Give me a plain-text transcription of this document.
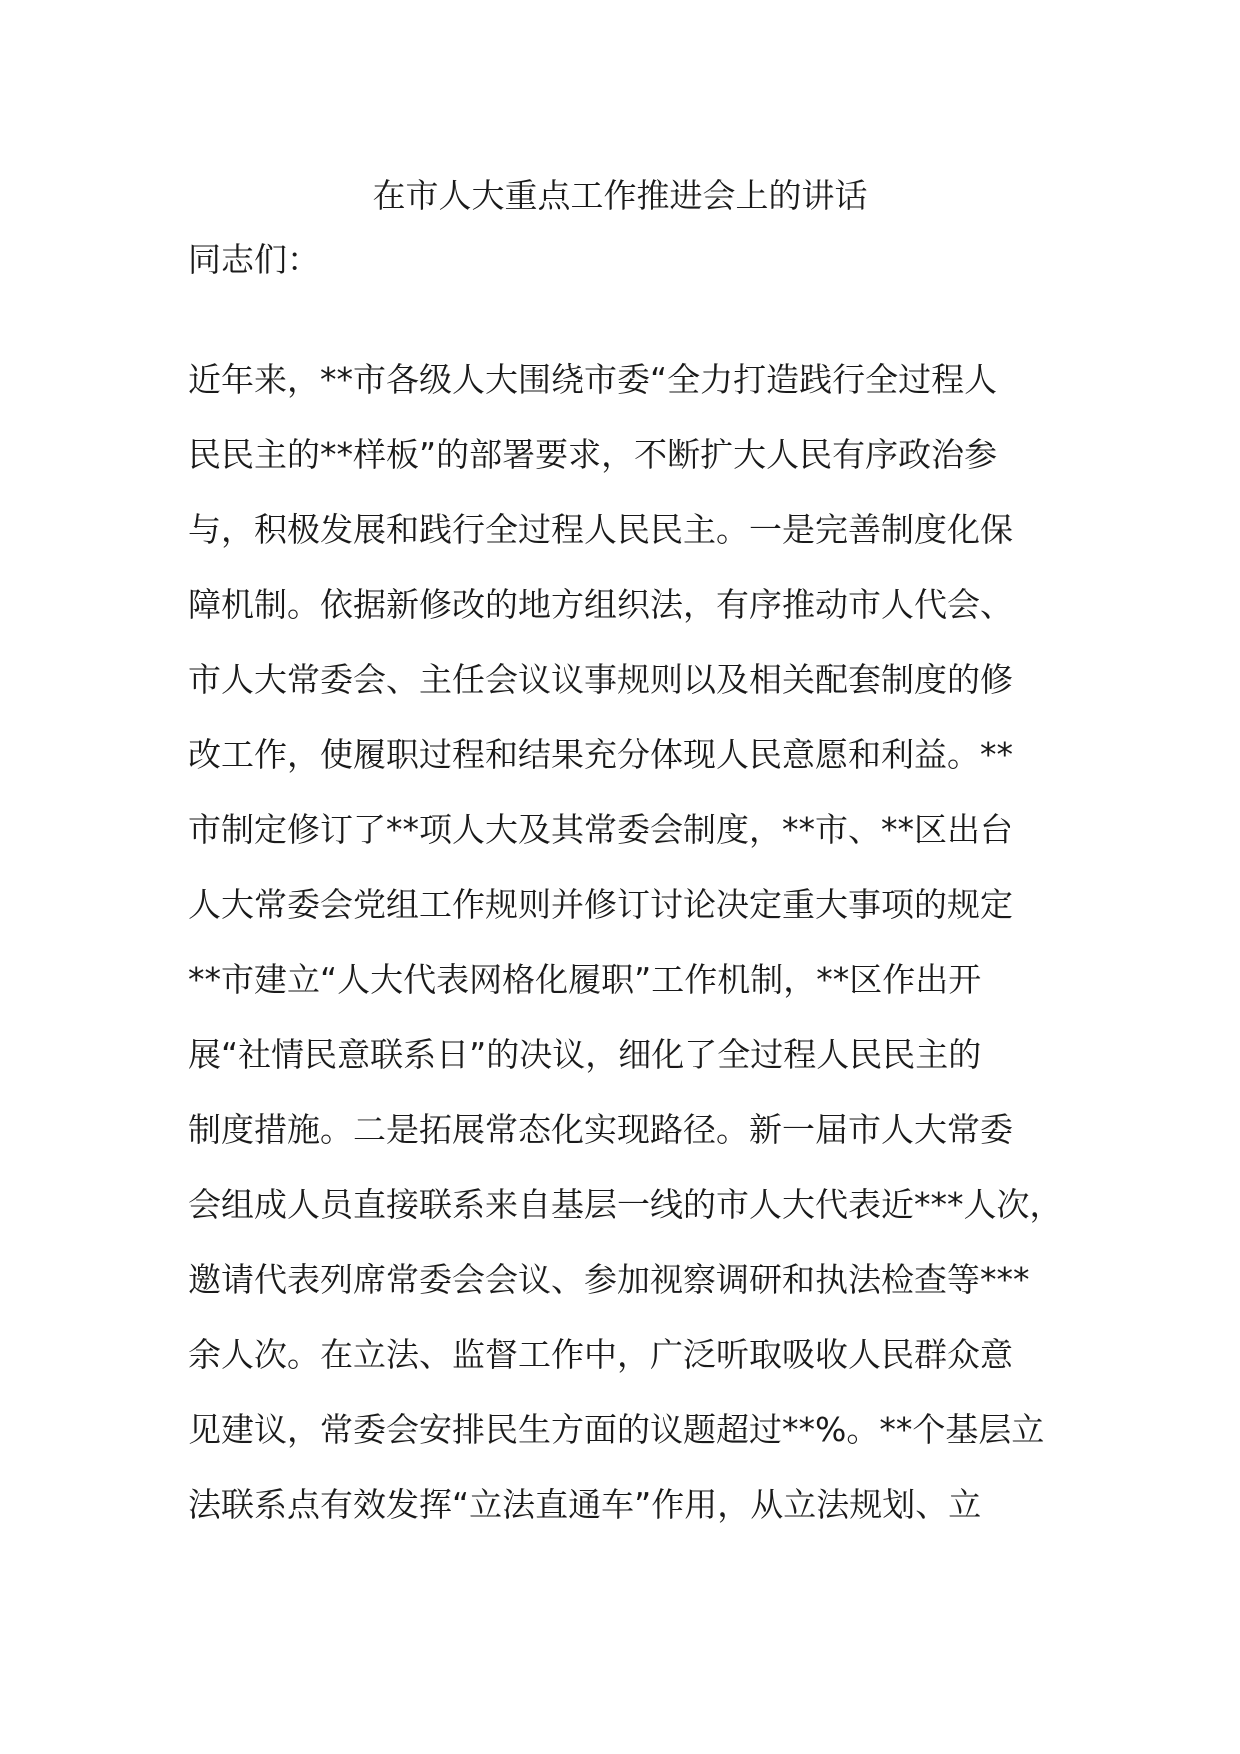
在市人大重点工作推进会上的讲话
同志们：
近年来，**市各级人大围绕市委“全力打造践行全过程人
民民主的**样板”的部署要求，不断扩大人民有序政治参
与，积极发展和践行全过程人民民主。一是完善制度化保
障机制。依据新修改的地方组织法，有序推动市人代会、
市人大常委会、主任会议议事规则以及相关配套制度的修
改工作，使履职过程和结果充分体现人民意愿和利益。**
市制定修订了**项人大及其常委会制度，**市、**区出台
人大常委会党组工作规则并修订讨论决定重大事项的规定
**市建立“人大代表网格化履职”工作机制，**区作出开
展“社情民意联系日”的决议，细化了全过程人民民主的
制度措施。二是拓展常态化实现路径。新一届市人大常委
会组成人员直接联系来自基层一线的市人大代表近***人次，
邀请代表列席常委会会议、参加视察调研和执法检查等***
余人次。在立法、监督工作中，广泛听取吸收人民群众意
见建议，常委会安排民生方面的议题超过**%。**个基层立
法联系点有效发挥“立法直通车”作用，从立法规划、立
